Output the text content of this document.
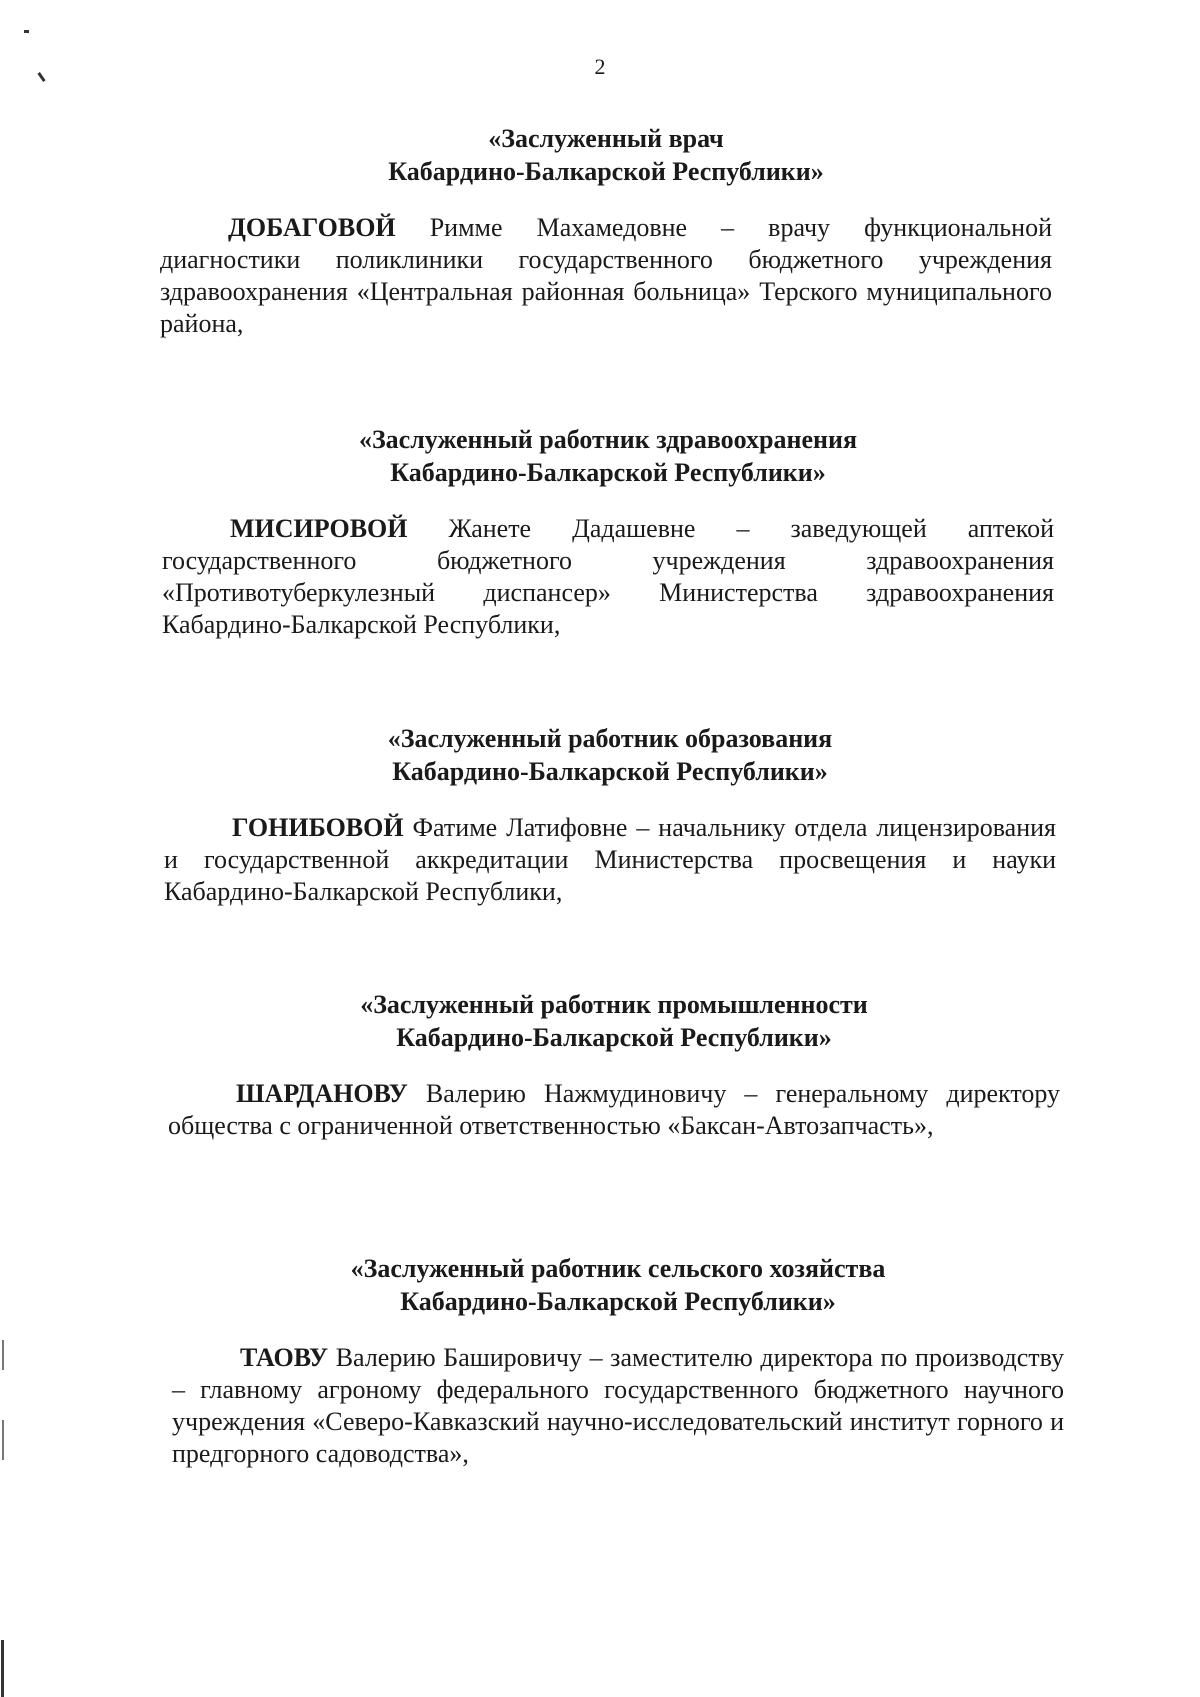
2
«Заслуженный врач
Кабардино-Балкарской Республики»
ДОБАГОВОЙ Римме Махамедовне – врачу функциональной диагностики поликлиники государственного бюджетного учреждения здравоохранения «Центральная районная больница» Терского муниципального района,
«Заслуженный работник здравоохранения
Кабардино-Балкарской Республики»
МИСИРОВОЙ Жанете Дадашевне – заведующей аптекой государственного бюджетного учреждения здравоохранения «Противотуберкулезный диспансер» Министерства здравоохранения Кабардино-Балкарской Республики,
«Заслуженный работник образования
Кабардино-Балкарской Республики»
ГОНИБОВОЙ Фатиме Латифовне – начальнику отдела лицензирования и государственной аккредитации Министерства просвещения и науки Кабардино-Балкарской Республики,
«Заслуженный работник промышленности
Кабардино-Балкарской Республики»
ШАРДАНОВУ Валерию Нажмудиновичу – генеральному директору общества с ограниченной ответственностью «Баксан-Автозапчасть»,
«Заслуженный работник сельского хозяйства
Кабардино-Балкарской Республики»
ТАОВУ Валерию Башировичу – заместителю директора по производству – главному агроному федерального государственного бюджетного научного учреждения «Северо-Кавказский научно-исследовательский институт горного и предгорного садоводства»,
